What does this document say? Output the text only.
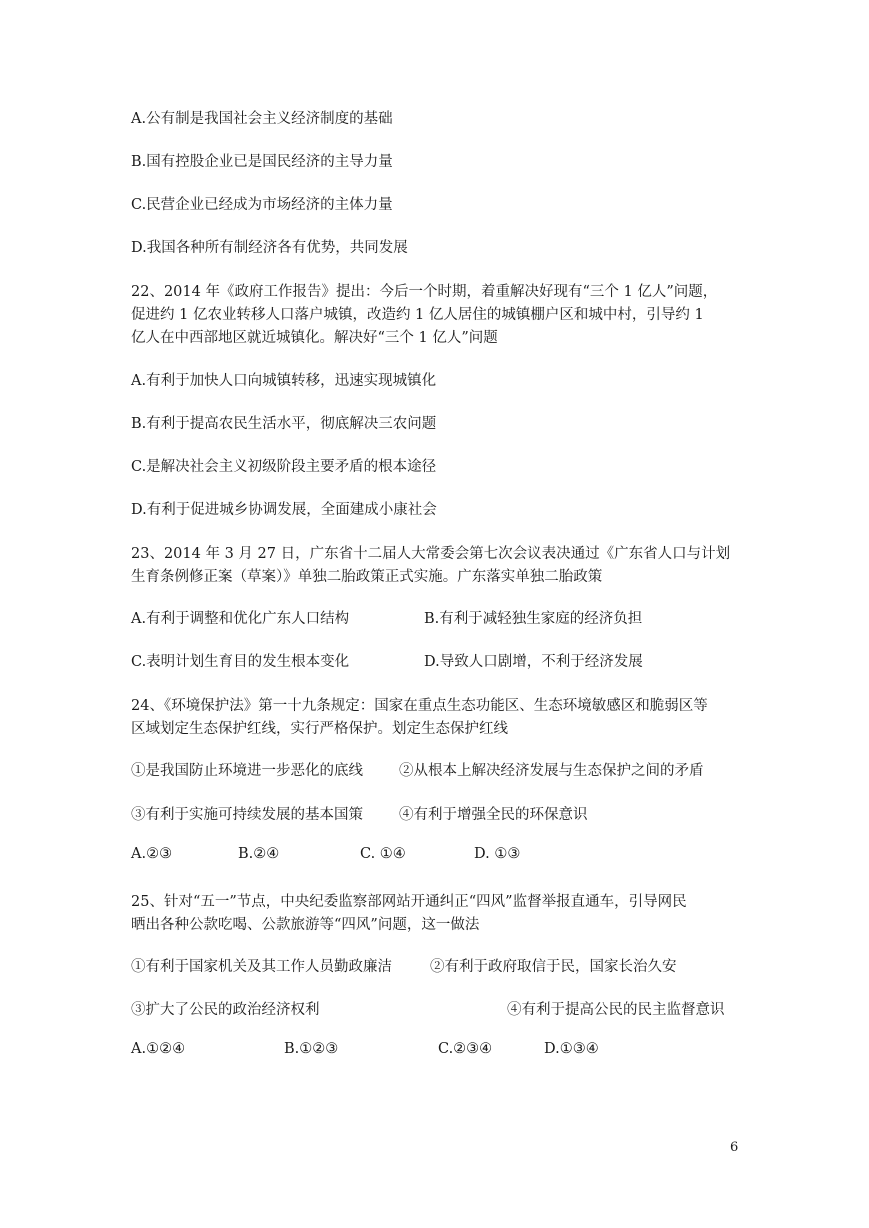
A.公有制是我国社会主义经济制度的基础
B.国有控股企业已是国民经济的主导力量
C.民营企业已经成为市场经济的主体力量
D.我国各种所有制经济各有优势，共同发展
22、2014 年《政府工作报告》提出：今后一个时期，着重解决好现有“三个 1 亿人”问题，
促进约 1 亿农业转移人口落户城镇，改造约 1 亿人居住的城镇棚户区和城中村，引导约 1
亿人在中西部地区就近城镇化。解决好“三个 1 亿人”问题
A.有利于加快人口向城镇转移，迅速实现城镇化
B.有利于提高农民生活水平，彻底解决三农问题
C.是解决社会主义初级阶段主要矛盾的根本途径
D.有利于促进城乡协调发展，全面建成小康社会
23、2014 年 3 月 27 日，广东省十二届人大常委会第七次会议表决通过《广东省人口与计划
生育条例修正案（草案）》单独二胎政策正式实施。广东落实单独二胎政策
A.有利于调整和优化广东人口结构	B.有利于减轻独生家庭的经济负担
C.表明计划生育目的发生根本变化	D.导致人口剧增，不利于经济发展
24、《环境保护法》第一十九条规定：国家在重点生态功能区、生态环境敏感区和脆弱区等
区域划定生态保护红线，实行严格保护。划定生态保护红线
①是我国防止环境进一步恶化的底线 ②从根本上解决经济发展与生态保护之间的矛盾
③有利于实施可持续发展的基本国策 ④有利于增强全民的环保意识
A.②③	B.②④	C. ①④	D. ①③
25、针对“五一”节点，中央纪委监察部网站开通纠正“四风”监督举报直通车，引导网民
晒出各种公款吃喝、公款旅游等“四风”问题，这一做法
①有利于国家机关及其工作人员勤政廉洁	②有利于政府取信于民，国家长治久安
③扩大了公民的政治经济权利	④有利于提高公民的民主监督意识
A.①②④	B.①②③	C.②③④	D.①③④
6
